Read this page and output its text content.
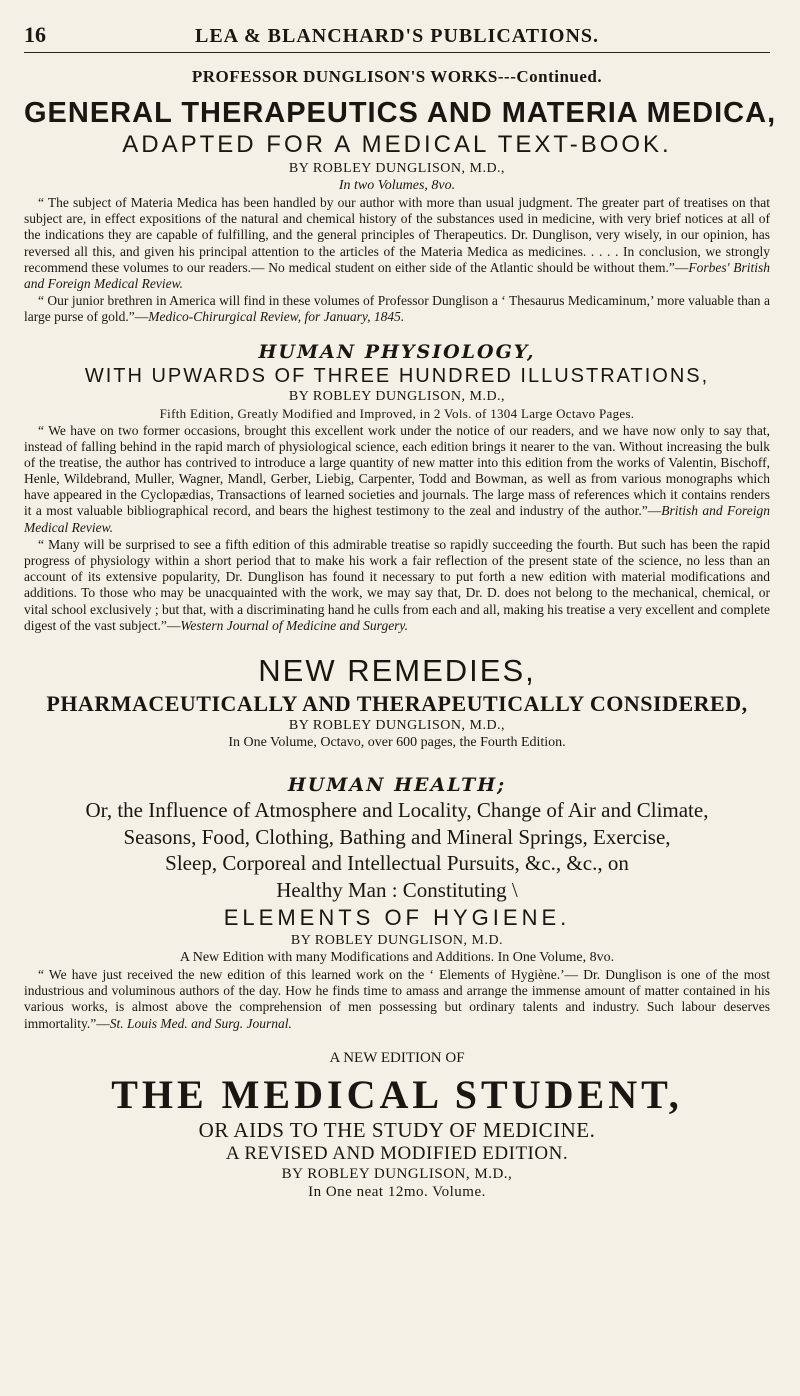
16	LEA & BLANCHARD'S PUBLICATIONS.
PROFESSOR DUNGLISON'S WORKS---Continued.
GENERAL THERAPEUTICS AND MATERIA MEDICA,
ADAPTED FOR A MEDICAL TEXT-BOOK.
BY ROBLEY DUNGLISON, M.D.,
In two Volumes, 8vo.

“ The subject of Materia Medica has been handled by our author with more than usual judgment. The greater part of treatises on that subject are, in effect expositions of the natural and chemical history of the substances used in medicine, with very brief notices at all of the indications they are capable of fulfilling, and the general principles of Therapeutics. Dr. Dunglison, very wisely, in our opinion, has reversed all this, and given his principal attention to the articles of the Materia Medica as medicines. . . . . In conclusion, we strongly recommend these volumes to our readers.— No medical student on either side of the Atlantic should be without them.”—Forbes' British and Foreign Medical Review.

“ Our junior brethren in America will find in these volumes of Professor Dunglison a ‘ Thesaurus Medicaminum,’ more valuable than a large purse of gold.”—Medico-Chirurgical Review, for January, 1845.

HUMAN PHYSIOLOGY,
WITH UPWARDS OF THREE HUNDRED ILLUSTRATIONS,
BY ROBLEY DUNGLISON, M.D.,
Fifth Edition, Greatly Modified and Improved, in 2 Vols. of 1304 Large Octavo Pages.

“ We have on two former occasions, brought this excellent work under the notice of our readers, and we have now only to say that, instead of falling behind in the rapid march of physiological science, each edition brings it nearer to the van. Without increasing the bulk of the treatise, the author has contrived to introduce a large quantity of new matter into this edition from the works of Valentin, Bischoff, Henle, Wildebrand, Muller, Wagner, Mandl, Gerber, Liebig, Carpenter, Todd and Bowman, as well as from various monographs which have appeared in the Cyclopædias, Transactions of learned societies and journals. The large mass of references which it contains renders it a most valuable bibliographical record, and bears the highest testimony to the zeal and industry of the author.”—British and Foreign Medical Review.

“ Many will be surprised to see a fifth edition of this admirable treatise so rapidly succeeding the fourth. But such has been the rapid progress of physiology within a short period that to make his work a fair reflection of the present state of the science, no less than an account of its extensive popularity, Dr. Dunglison has found it necessary to put forth a new edition with material modifications and additions. To those who may be unacquainted with the work, we may say that, Dr. D. does not belong to the mechanical, chemical, or vital school exclusively ; but that, with a discriminating hand he culls from each and all, making his treatise a very excellent and complete digest of the vast subject.”—Western Journal of Medicine and Surgery.

NEW REMEDIES,
PHARMACEUTICALLY AND THERAPEUTICALLY CONSIDERED,
BY ROBLEY DUNGLISON, M.D.,
In One Volume, Octavo, over 600 pages, the Fourth Edition.
HUMAN HEALTH;
Or, the Influence of Atmosphere and Locality, Change of Air and Climate,
Seasons, Food, Clothing, Bathing and Mineral Springs, Exercise,
Sleep, Corporeal and Intellectual Pursuits, &c., &c., on
Healthy Man : Constituting \
ELEMENTS OF HYGIENE.
BY ROBLEY DUNGLISON, M.D.
A New Edition with many Modifications and Additions. In One Volume, 8vo.

“ We have just received the new edition of this learned work on the ‘ Elements of Hygiène.’— Dr. Dunglison is one of the most industrious and voluminous authors of the day. How he finds time to amass and arrange the immense amount of matter contained in his various works, is almost above the comprehension of men possessing but ordinary talents and industry. Such labour deserves immortality.”—St. Louis Med. and Surg. Journal.

A NEW EDITION OF
THE MEDICAL STUDENT,
OR AIDS TO THE STUDY OF MEDICINE.
A REVISED AND MODIFIED EDITION.
BY ROBLEY DUNGLISON, M.D.,
In One neat 12mo. Volume.
